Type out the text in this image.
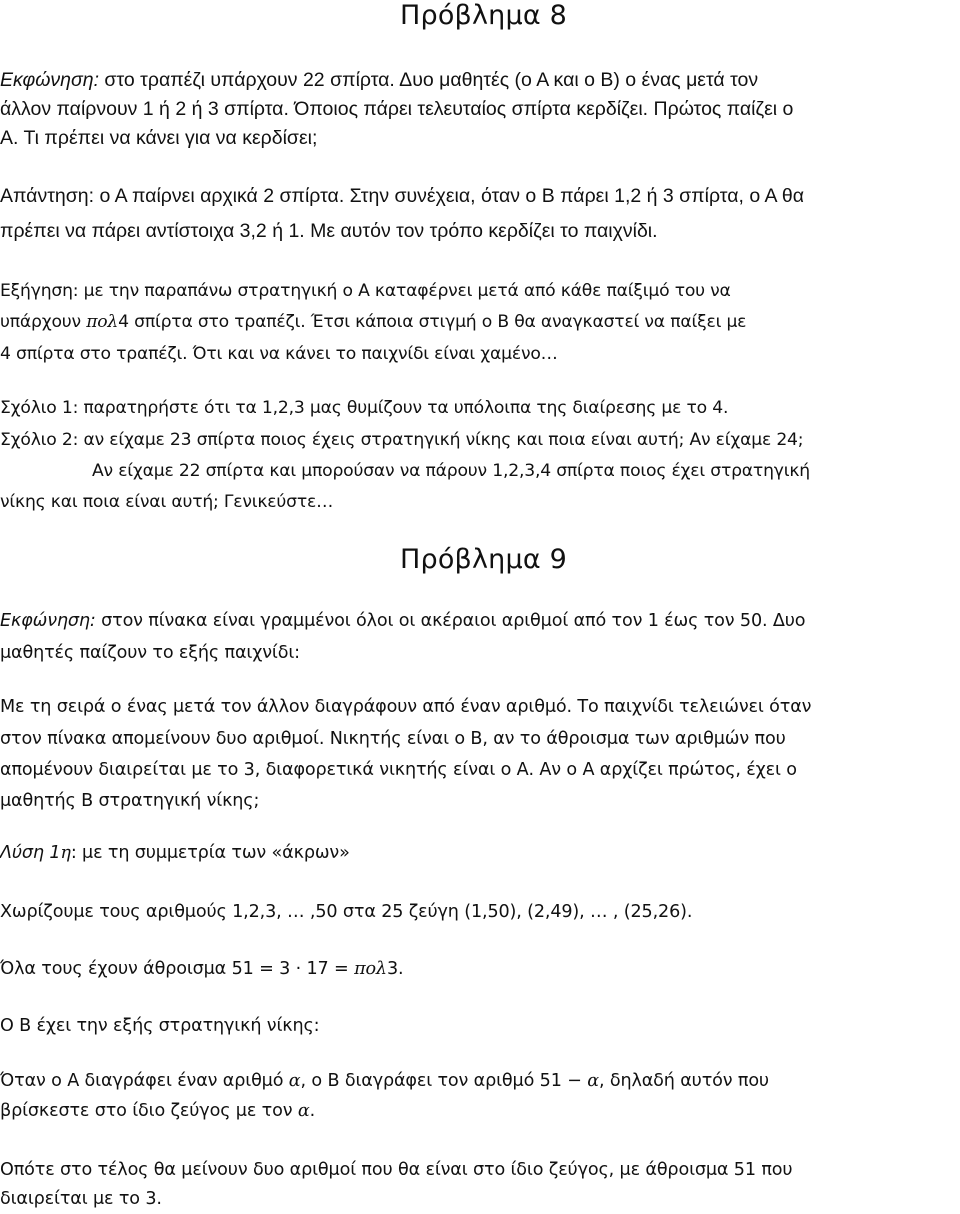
Πρόβλημα 8
Εκφώνηση: στο τραπέζι υπάρχουν 22 σπίρτα. Δυο μαθητές (ο Α και ο Β) ο ένας μετά τον
άλλον παίρνουν 1 ή 2 ή 3 σπίρτα. Όποιος πάρει τελευταίος σπίρτα κερδίζει. Πρώτος παίζει ο
Α. Τι πρέπει να κάνει για να κερδίσει;
Απάντηση: ο Α παίρνει αρχικά 2 σπίρτα. Στην συνέχεια, όταν ο Β πάρει 1,2 ή 3 σπίρτα, ο Α θα
πρέπει να πάρει αντίστοιχα 3,2 ή 1. Με αυτόν τον τρόπο κερδίζει το παιχνίδι.
Εξήγηση: με την παραπάνω στρατηγική ο Α καταφέρνει μετά από κάθε παίξιμό του να
υπάρχουν πολ4 σπίρτα στο τραπέζι. Έτσι κάποια στιγμή ο Β θα αναγκαστεί να παίξει με
4 σπίρτα στο τραπέζι. Ότι και να κάνει το παιχνίδι είναι χαμένο…
Σχόλιο 1: παρατηρήστε ότι τα 1,2,3 μας θυμίζουν τα υπόλοιπα της διαίρεσης με το 4.
Σχόλιο 2: αν είχαμε 23 σπίρτα ποιος έχεις στρατηγική νίκης και ποια είναι αυτή; Αν είχαμε 24;
Αν είχαμε 22 σπίρτα και μπορούσαν να πάρουν 1,2,3,4 σπίρτα ποιος έχει στρατηγική
νίκης και ποια είναι αυτή; Γενικεύστε…
Πρόβλημα 9
Εκφώνηση: στον πίνακα είναι γραμμένοι όλοι οι ακέραιοι αριθμοί από τον 1 έως τον 50. Δυο
μαθητές παίζουν το εξής παιχνίδι:
Με τη σειρά ο ένας μετά τον άλλον διαγράφουν από έναν αριθμό. Το παιχνίδι τελειώνει όταν
στον πίνακα απομείνουν δυο αριθμοί. Νικητής είναι ο Β, αν το άθροισμα των αριθμών που
απομένουν διαιρείται με το 3, διαφορετικά νικητής είναι ο Α. Αν ο Α αρχίζει πρώτος, έχει ο
μαθητής Β στρατηγική νίκης;
Λύση 1η: με τη συμμετρία των «άκρων»
Χωρίζουμε τους αριθμούς 1,2,3, … ,50 στα 25 ζεύγη (1,50), (2,49), … , (25,26).
Όλα τους έχουν άθροισμα 51 = 3 · 17 = πολ3.
Ο Β έχει την εξής στρατηγική νίκης:
Όταν ο Α διαγράφει έναν αριθμό α, ο Β διαγράφει τον αριθμό 51 − α, δηλαδή αυτόν που
βρίσκεστε στο ίδιο ζεύγος με τον α.
Οπότε στο τέλος θα μείνουν δυο αριθμοί που θα είναι στο ίδιο ζεύγος, με άθροισμα 51 που
διαιρείται με το 3.
